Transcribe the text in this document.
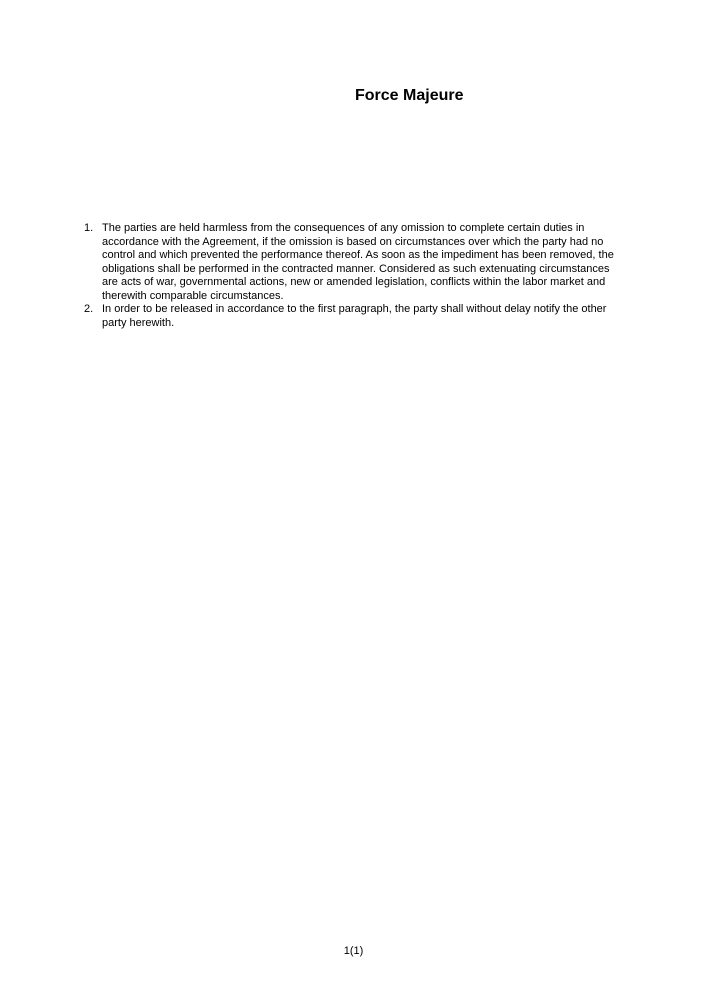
Force Majeure
1. The parties are held harmless from the consequences of any omission to complete certain duties in accordance with the Agreement, if the omission is based on circumstances over which the party had no control and which prevented the performance thereof. As soon as the impediment has been removed, the obligations shall be performed in the contracted manner. Considered as such extenuating circumstances are acts of war, governmental actions, new or amended legislation, conflicts within the labor market and therewith comparable circumstances.
2. In order to be released in accordance to the first paragraph, the party shall without delay notify the other party herewith.

1(1)
